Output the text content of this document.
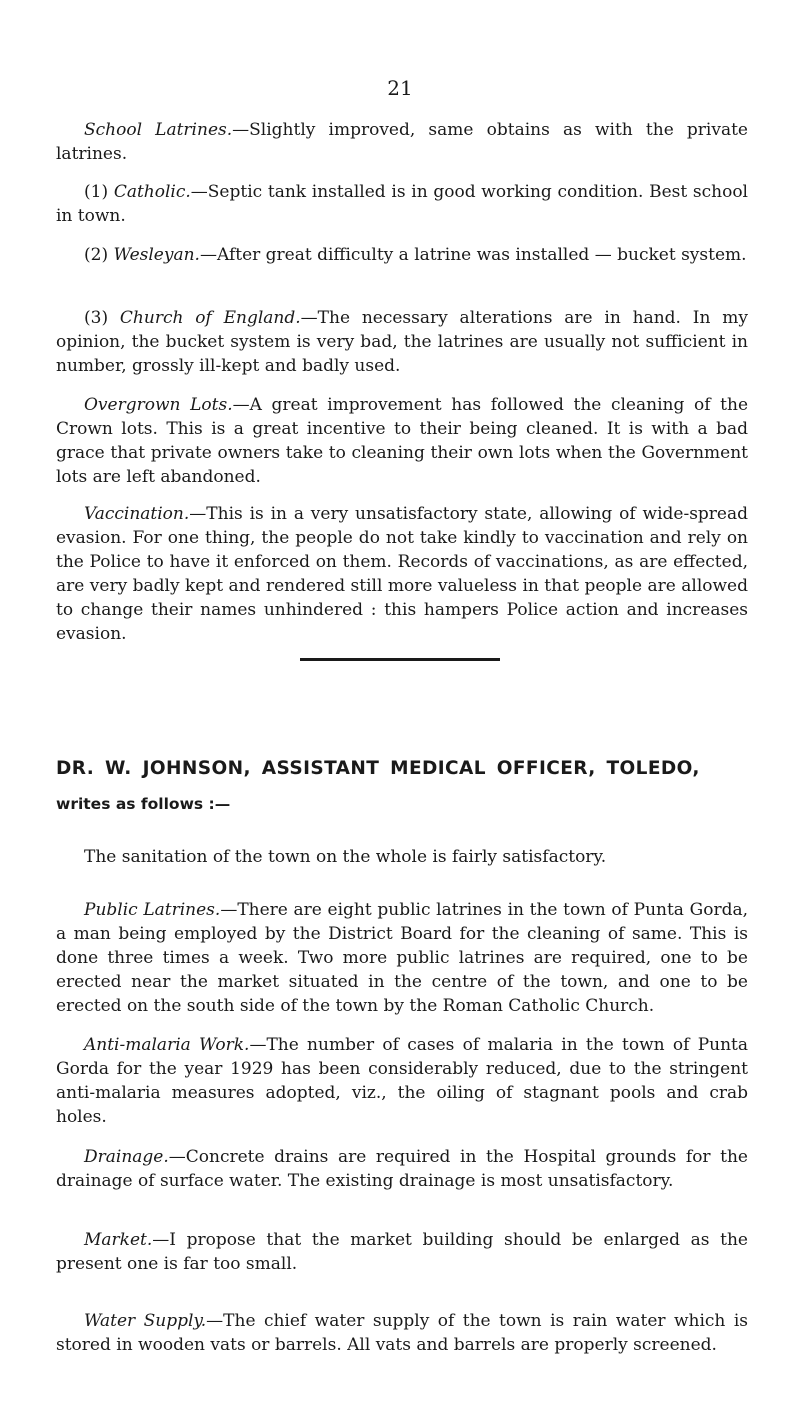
21

School Latrines.—Slightly improved, same obtains as with the private latrines.

(1) Catholic.—Septic tank installed is in good working condition. Best school in town.

(2) Wesleyan.—After great difficulty a latrine was installed — bucket system.

(3) Church of England.—The necessary alterations are in hand. In my opinion, the bucket system is very bad, the latrines are usually not sufficient in number, grossly ill-kept and badly used.

Overgrown Lots.—A great improvement has followed the cleaning of the Crown lots. This is a great incentive to their being cleaned. It is with a bad grace that private owners take to cleaning their own lots when the Government lots are left abandoned.

Vaccination.—This is in a very unsatisfactory state, allowing of wide-spread evasion. For one thing, the people do not take kindly to vaccination and rely on the Police to have it enforced on them. Records of vaccinations, as are effected, are very badly kept and rendered still more valueless in that people are allowed to change their names unhindered : this hampers Police action and increases evasion.

DR. W. JOHNSON, ASSISTANT MEDICAL OFFICER, TOLEDO,
writes as follows :—

The sanitation of the town on the whole is fairly satisfactory.

Public Latrines.—There are eight public latrines in the town of Punta Gorda, a man being employed by the District Board for the cleaning of same. This is done three times a week. Two more public latrines are required, one to be erected near the market situated in the centre of the town, and one to be erected on the south side of the town by the Roman Catholic Church.

Anti-malaria Work.—The number of cases of malaria in the town of Punta Gorda for the year 1929 has been considerably reduced, due to the stringent anti-malaria measures adopted, viz., the oiling of stagnant pools and crab holes.

Drainage.—Concrete drains are required in the Hospital grounds for the drainage of surface water. The existing drainage is most unsatisfactory.

Market.—I propose that the market building should be enlarged as the present one is far too small.

Water Supply.—The chief water supply of the town is rain water which is stored in wooden vats or barrels. All vats and barrels are properly screened.
